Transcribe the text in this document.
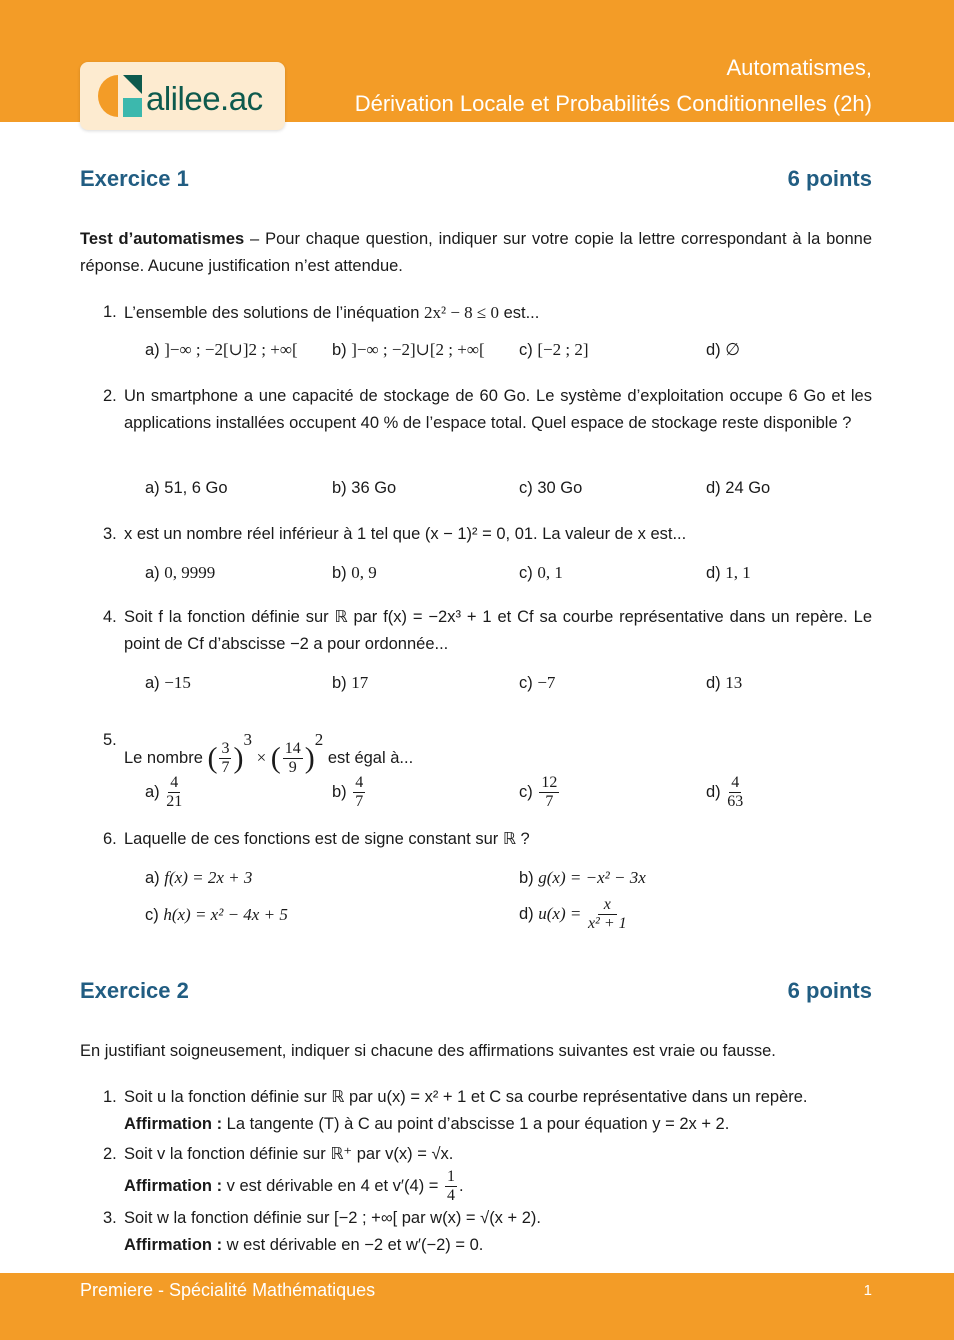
alilee.ac
Automatismes,
Dérivation Locale et Probabilités Conditionnelles (2h)
Exercice 1	6 points
Test d’automatismes – Pour chaque question, indiquer sur votre copie la lettre correspondant à la bonne réponse. Aucune justification n’est attendue.
1. L’ensemble des solutions de l’inéquation 2x² − 8 ≤ 0 est...
a) ]−∞ ; −2[∪]2 ; +∞[ b) ]−∞ ; −2]∪[2 ; +∞[ c) [−2 ; 2]	d) ∅
2. Un smartphone a une capacité de stockage de 60 Go. Le système d’exploitation occupe 6 Go et les applications installées occupent 40 % de l’espace total. Quel espace de stockage reste disponible ?
a) 51, 6 Go	b) 36 Go	c) 30 Go	d) 24 Go
3. x est un nombre réel inférieur à 1 tel que (x − 1)² = 0, 01. La valeur de x est...
a) 0, 9999	b) 0, 9	c) 0, 1	d) 1, 1
4. Soit f la fonction définie sur ℝ par f(x) = −2x³ + 1 et Cf sa courbe représentative dans un repère. Le point de Cf d’abscisse −2 a pour ordonnée...
a) −15	b) 17	c) −7	d) 13
5.
Le nombre ( $\frac{3}{7} )^3$ × ( $\frac{14}{9} )^2$ est égal à...
$a) \frac{4}{21}$	$b) \frac{4}{7}$	$c) \frac{12}{7}$	$d) \frac{4}{63}$
6. Laquelle de ces fonctions est de signe constant sur ℝ ?
a) f(x) = 2x + 3	b) g(x) = −x² − 3x
c) h(x) = x² − 4x + 5	d) $u(x) = \frac{x}{\text{x² + 1}}$
Exercice 2	6 points
En justifiant soigneusement, indiquer si chacune des affirmations suivantes est vraie ou fausse.
1. Soit u la fonction définie sur ℝ par u(x) = x² + 1 et C sa courbe représentative dans un repère.
Affirmation : La tangente (T) à C au point d’abscisse 1 a pour équation y = 2x + 2.
2. Soit v la fonction définie sur ℝ⁺ par v(x) = √x.
Affirmation : v est dérivable en 4 et $v'(4) = \frac{1}{4}$ .
3. Soit w la fonction définie sur [−2 ; +∞[ par w(x) = √(x + 2).
Affirmation : w est dérivable en −2 et w′(−2) = 0.
Premiere - Spécialité Mathématiques	1
